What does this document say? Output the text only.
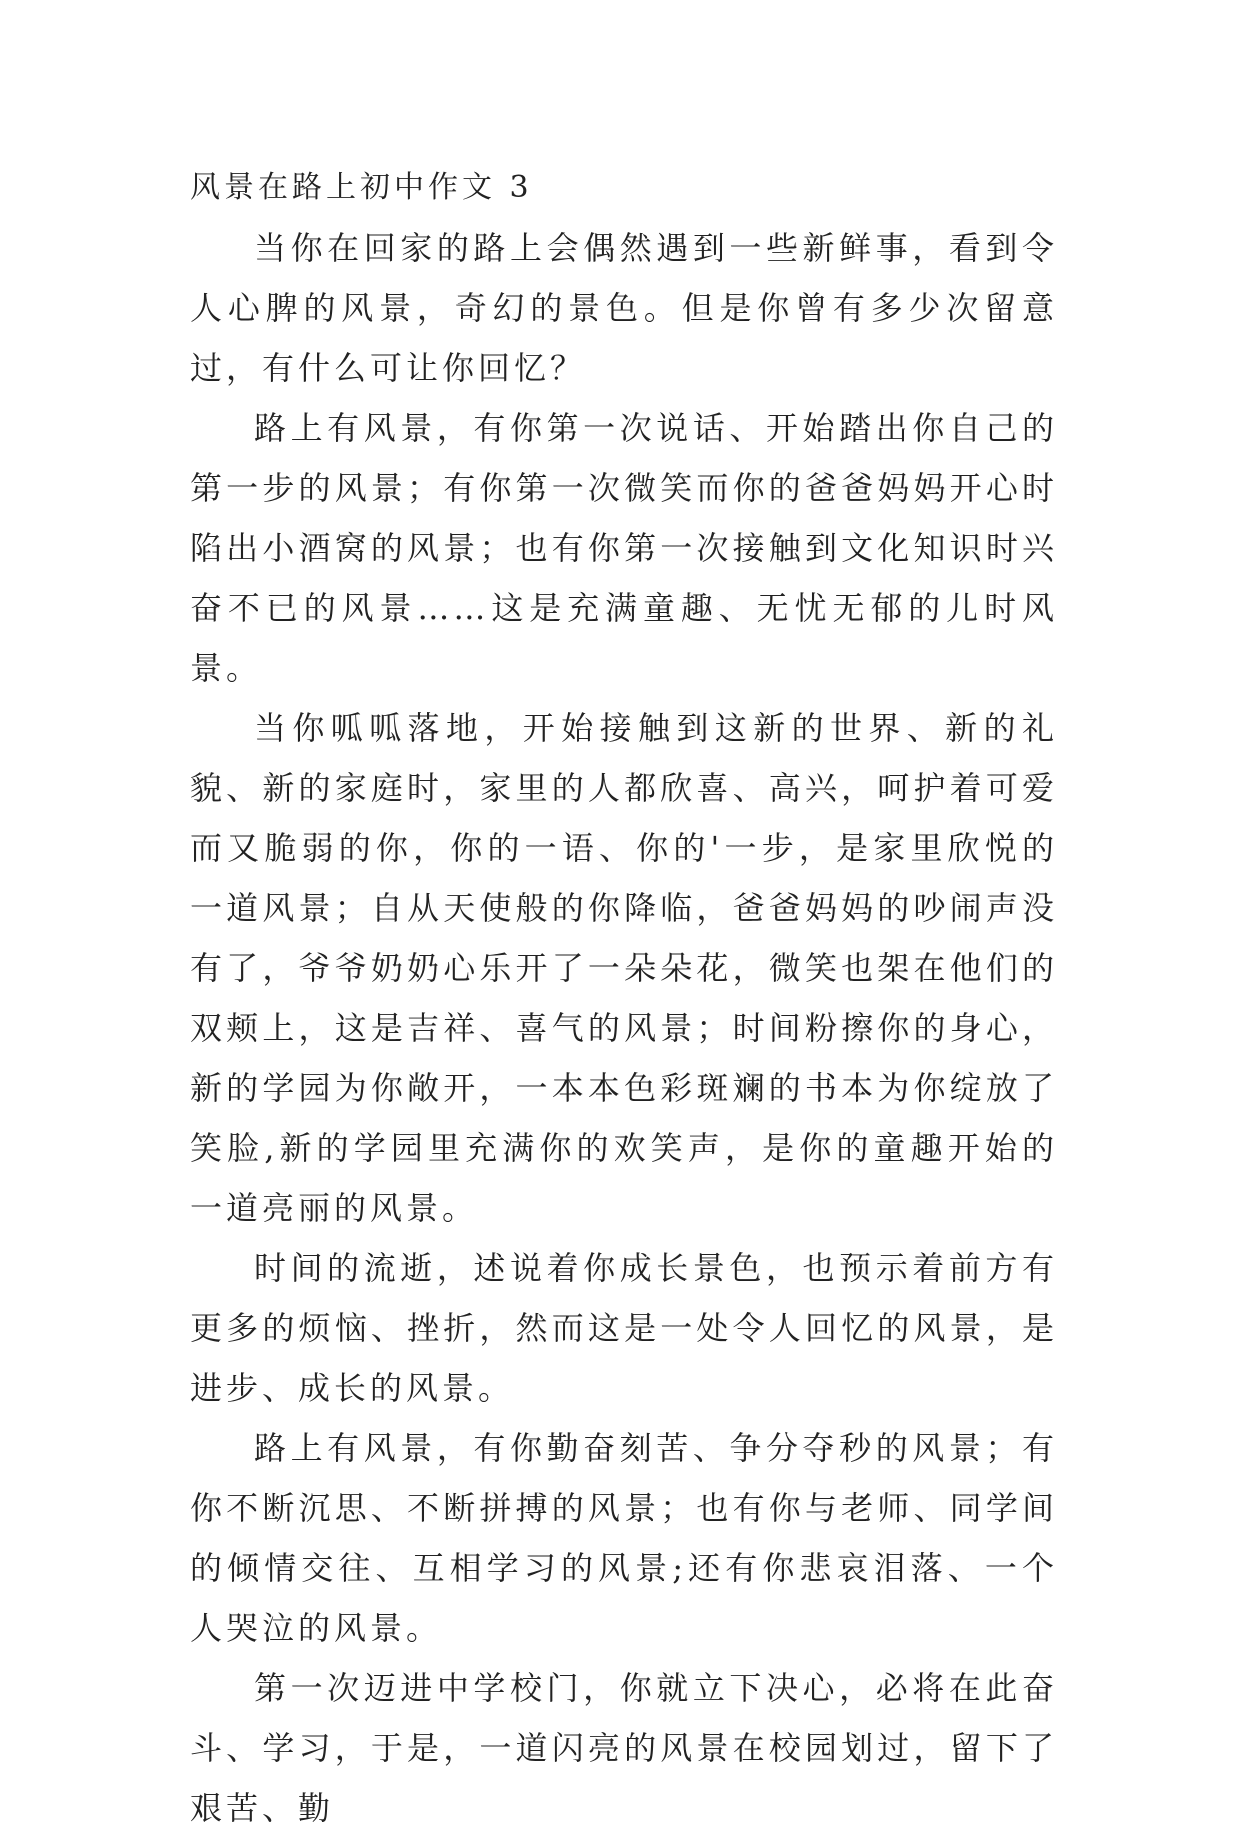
风景在路上初中作文 3

当你在回家的路上会偶然遇到一些新鲜事，看到令人心脾的风景，奇幻的景色。但是你曾有多少次留意过，有什么可让你回忆？

路上有风景，有你第一次说话、开始踏出你自己的第一步的风景；有你第一次微笑而你的爸爸妈妈开心时陷出小酒窝的风景；也有你第一次接触到文化知识时兴奋不已的风景……这是充满童趣、无忧无郁的儿时风景。

当你呱呱落地，开始接触到这新的世界、新的礼貌、新的家庭时，家里的人都欣喜、高兴，呵护着可爱而又脆弱的你，你的一语、你的'一步，是家里欣悦的一道风景；自从天使般的你降临，爸爸妈妈的吵闹声没有了，爷爷奶奶心乐开了一朵朵花，微笑也架在他们的双颊上，这是吉祥、喜气的风景；时间粉擦你的身心，新的学园为你敞开，一本本色彩斑斓的书本为你绽放了笑脸,新的学园里充满你的欢笑声，是你的童趣开始的一道亮丽的风景。

时间的流逝，述说着你成长景色，也预示着前方有更多的烦恼、挫折，然而这是一处令人回忆的风景，是进步、成长的风景。

路上有风景，有你勤奋刻苦、争分夺秒的风景；有你不断沉思、不断拼搏的风景；也有你与老师、同学间的倾情交往、互相学习的风景;还有你悲哀泪落、一个人哭泣的风景。

第一次迈进中学校门，你就立下决心，必将在此奋斗、学习，于是，一道闪亮的风景在校园划过，留下了艰苦、勤
